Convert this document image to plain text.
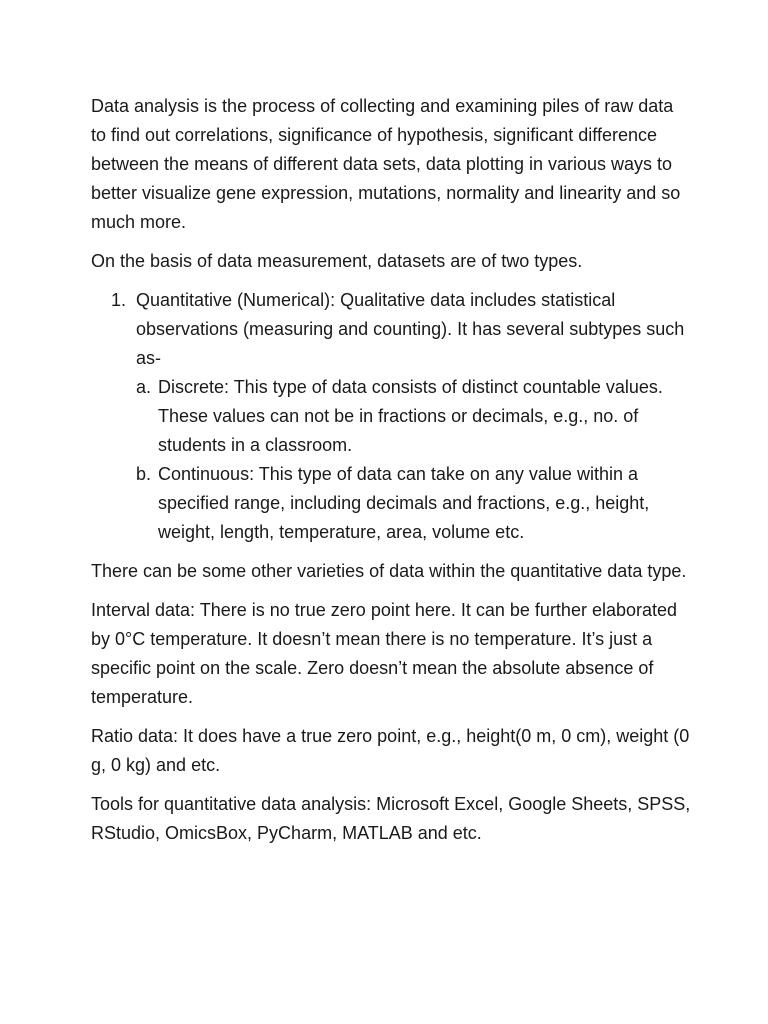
Data analysis is the process of collecting and examining piles of raw data to find out correlations, significance of hypothesis, significant difference between the means of different data sets, data plotting in various ways to better visualize gene expression, mutations, normality and linearity and so much more.

On the basis of data measurement, datasets are of two types.

1. Quantitative (Numerical): Qualitative data includes statistical observations (measuring and counting). It has several subtypes such as-
a. Discrete: This type of data consists of distinct countable values. These values can not be in fractions or decimals, e.g., no. of students in a classroom.
b. Continuous: This type of data can take on any value within a specified range, including decimals and fractions, e.g., height, weight, length, temperature, area, volume etc.

There can be some other varieties of data within the quantitative data type.

Interval data: There is no true zero point here. It can be further elaborated by 0°C temperature. It doesn’t mean there is no temperature. It’s just a specific point on the scale. Zero doesn’t mean the absolute absence of temperature.

Ratio data: It does have a true zero point, e.g., height(0 m, 0 cm), weight (0 g, 0 kg) and etc.

Tools for quantitative data analysis: Microsoft Excel, Google Sheets, SPSS, RStudio, OmicsBox, PyCharm, MATLAB and etc.
